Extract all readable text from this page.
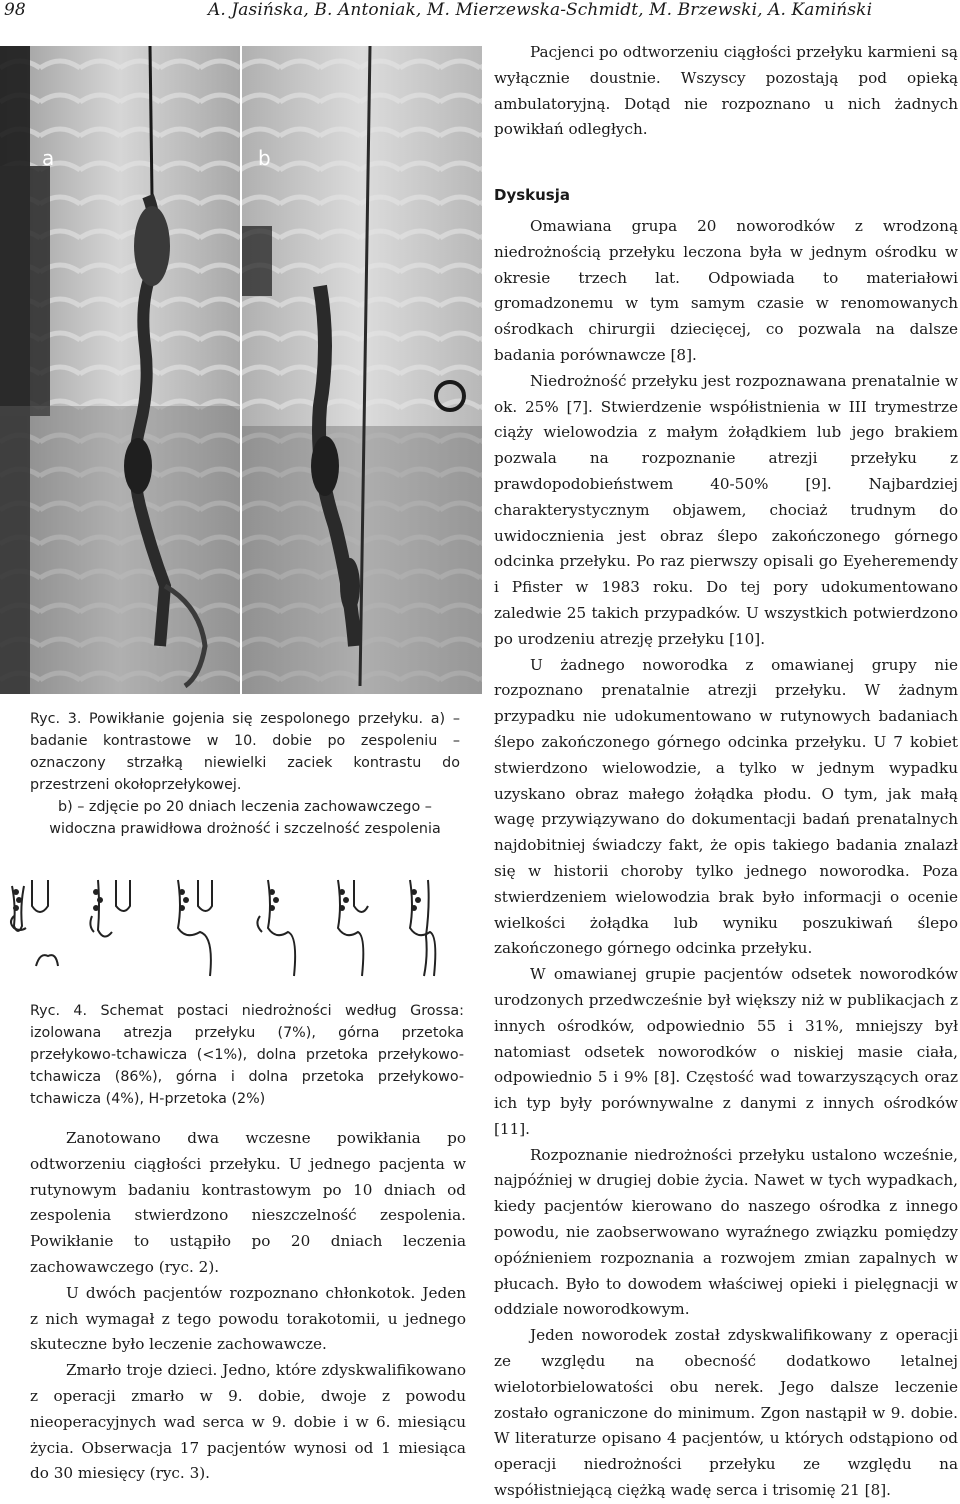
98	A. Jasińska, B. Antoniak, M. Mierzewska-Schmidt, M. Brzewski, A. Kamiński
a	b

Ryc. 3. Powikłanie gojenia się zespolonego przełyku. a) – badanie kontrastowe w 10. dobie po zespoleniu – oznaczony strzałką niewielki zaciek kontrastu do przestrzeni okołoprzełykowej.

b) – zdjęcie po 20 dniach leczenia zachowawczego – widoczna prawidłowa drożność i szczelność zespolenia

Ryc. 4. Schemat postaci niedrożności według Grossa: izolowana atrezja przełyku (7%), górna przetoka przełykowo-tchawicza (<1%), dolna przetoka przełykowo-tchawicza (86%), górna i dolna przetoka przełykowo-tchawicza (4%), H-przetoka (2%)

Zanotowano dwa wczesne powikłania po odtworzeniu ciągłości przełyku. U jednego pacjenta w rutynowym badaniu kontrastowym po 10 dniach od zespolenia stwierdzono nieszczelność zespolenia. Powikłanie to ustąpiło po 20 dniach leczenia zachowawczego (ryc. 2).

U dwóch pacjentów rozpoznano chłonkotok. Jeden z nich wymagał z tego powodu torakotomii, u jednego skuteczne było leczenie zachowawcze.

Zmarło troje dzieci. Jedno, które zdyskwalifikowano z operacji zmarło w 9. dobie, dwoje z powodu nieoperacyjnych wad serca w 9. dobie i w 6. miesiącu życia. Obserwacja 17 pacjentów wynosi od 1 miesiąca do 30 miesięcy (ryc. 3).

Pacjenci po odtworzeniu ciągłości przełyku karmieni są wyłącznie doustnie. Wszyscy pozostają pod opieką ambulatoryjną. Dotąd nie rozpoznano u nich żadnych powikłań odległych.

Dyskusja

Omawiana grupa 20 noworodków z wrodzoną niedrożnością przełyku leczona była w jednym ośrodku w okresie trzech lat. Odpowiada to materiałowi gromadzonemu w tym samym czasie w renomowanych ośrodkach chirurgii dziecięcej, co pozwala na dalsze badania porównawcze [8].

Niedrożność przełyku jest rozpoznawana prenatalnie w ok. 25% [7]. Stwierdzenie współistnienia w III trymestrze ciąży wielowodzia z małym żołądkiem lub jego brakiem pozwala na rozpoznanie atrezji przełyku z prawdopodobieństwem 40-50% [9]. Najbardziej charakterystycznym objawem, chociaż trudnym do uwidocznienia jest obraz ślepo zakończonego górnego odcinka przełyku. Po raz pierwszy opisali go Eyeheremendy i Pfister w 1983 roku. Do tej pory udokumentowano zaledwie 25 takich przypadków. U wszystkich potwierdzono po urodzeniu atrezję przełyku [10].

U żadnego noworodka z omawianej grupy nie rozpoznano prenatalnie atrezji przełyku. W żadnym przypadku nie udokumentowano w rutynowych badaniach ślepo zakończonego górnego odcinka przełyku. U 7 kobiet stwierdzono wielowodzie, a tylko w jednym wypadku uzyskano obraz małego żołądka płodu. O tym, jak małą wagę przywiązywano do dokumentacji badań prenatalnych najdobitniej świadczy fakt, że opis takiego badania znalazł się w historii choroby tylko jednego noworodka. Poza stwierdzeniem wielowodzia brak było informacji o ocenie wielkości żołądka lub wyniku poszukiwań ślepo zakończonego górnego odcinka przełyku.

W omawianej grupie pacjentów odsetek noworodków urodzonych przedwcześnie był większy niż w publikacjach z innych ośrodków, odpowiednio 55 i 31%, mniejszy był natomiast odsetek noworodków o niskiej masie ciała, odpowiednio 5 i 9% [8]. Częstość wad towarzyszących oraz ich typ były porównywalne z danymi z innych ośrodków [11].

Rozpoznanie niedrożności przełyku ustalono wcześnie, najpóźniej w drugiej dobie życia. Nawet w tych wypadkach, kiedy pacjentów kierowano do naszego ośrodka z innego powodu, nie zaobserwowano wyraźnego związku pomiędzy opóźnieniem rozpoznania a rozwojem zmian zapalnych w płucach. Było to dowodem właściwej opieki i pielęgnacji w oddziale noworodkowym.

Jeden noworodek został zdyskwalifikowany z operacji ze względu na obecność dodatkowo letalnej wielotorbielowatości obu nerek. Jego dalsze leczenie zostało ograniczone do minimum. Zgon nastąpił w 9. dobie. W literaturze opisano 4 pacjentów, u których odstąpiono od operacji niedrożności przełyku ze względu na współistniejącą ciężką wadę serca i trisomię 21 [8].
